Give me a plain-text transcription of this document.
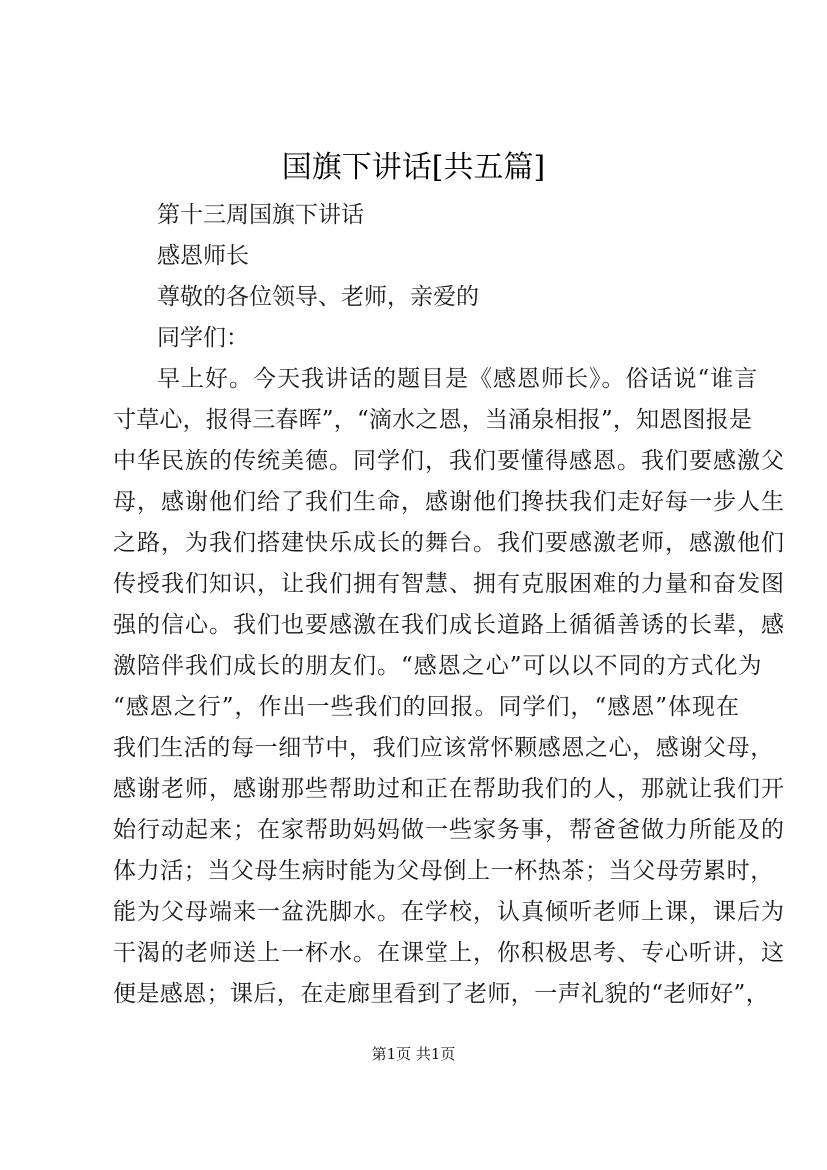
国旗下讲话[共五篇]
第十三周国旗下讲话
感恩师长
尊敬的各位领导、老师，亲爱的
同学们：
早上好。今天我讲话的题目是《感恩师长》。俗话说“谁言
寸草心，报得三春晖”，“滴水之恩，当涌泉相报”，知恩图报是
中华民族的传统美德。同学们，我们要懂得感恩。我们要感激父
母，感谢他们给了我们生命，感谢他们搀扶我们走好每一步人生
之路，为我们搭建快乐成长的舞台。我们要感激老师，感激他们
传授我们知识，让我们拥有智慧、拥有克服困难的力量和奋发图
强的信心。我们也要感激在我们成长道路上循循善诱的长辈，感
激陪伴我们成长的朋友们。“感恩之心”可以以不同的方式化为
“感恩之行”，作出一些我们的回报。同学们，“感恩”体现在
我们生活的每一细节中，我们应该常怀颗感恩之心，感谢父母，
感谢老师，感谢那些帮助过和正在帮助我们的人，那就让我们开
始行动起来；在家帮助妈妈做一些家务事，帮爸爸做力所能及的
体力活；当父母生病时能为父母倒上一杯热茶；当父母劳累时，
能为父母端来一盆洗脚水。在学校，认真倾听老师上课，课后为
干渴的老师送上一杯水。在课堂上，你积极思考、专心听讲，这
便是感恩；课后，在走廊里看到了老师，一声礼貌的“老师好”，
第1页 共1页
